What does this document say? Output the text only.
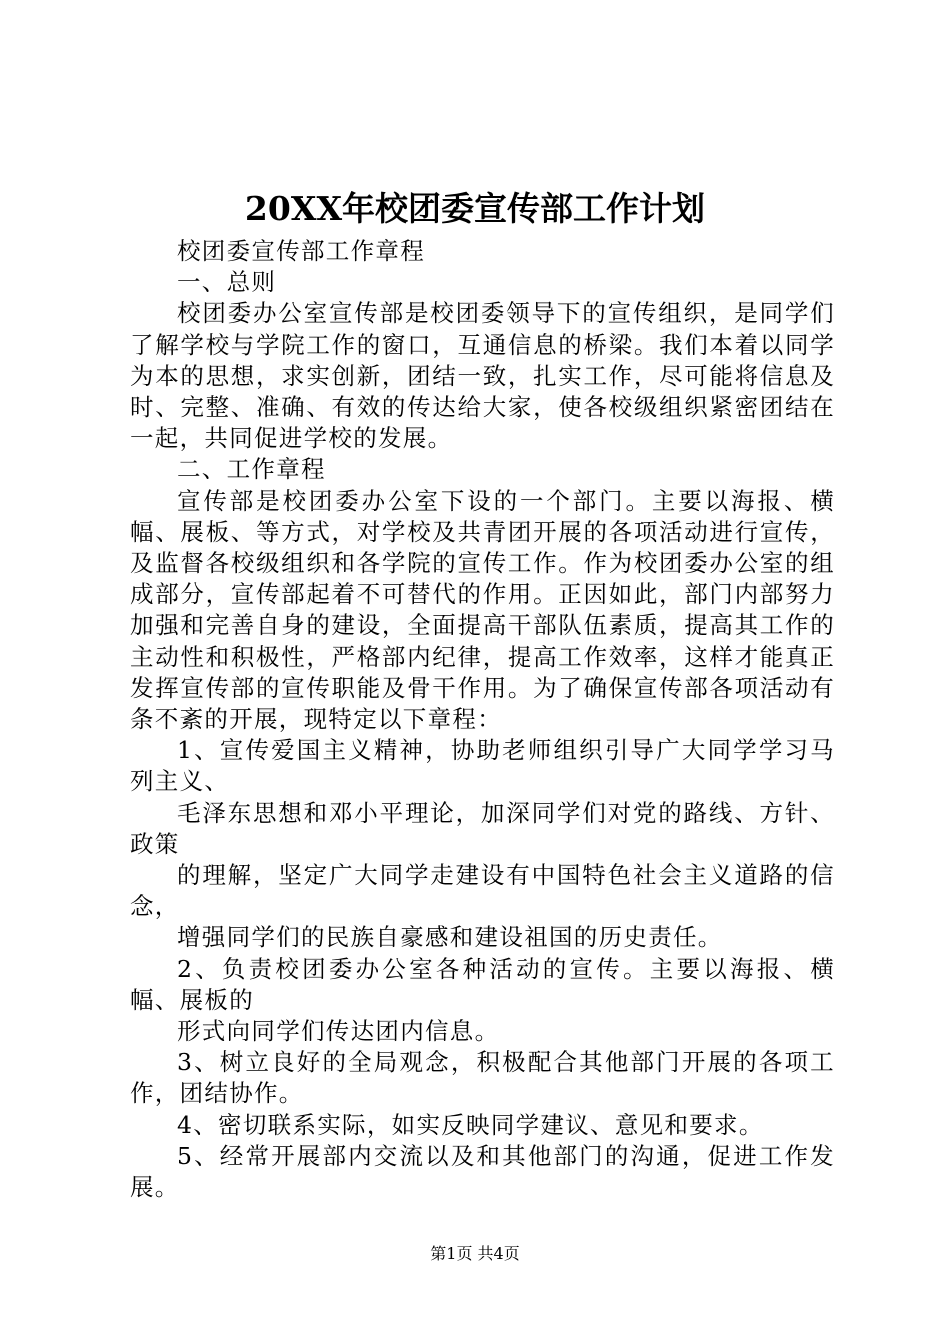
20XX年校团委宣传部工作计划

校团委宣传部工作章程

一、总则

校团委办公室宣传部是校团委领导下的宣传组织，是同学们了解学校与学院工作的窗口，互通信息的桥梁。我们本着以同学为本的思想，求实创新，团结一致，扎实工作，尽可能将信息及时、完整、准确、有效的传达给大家，使各校级组织紧密团结在一起，共同促进学校的发展。

二、工作章程

宣传部是校团委办公室下设的一个部门。主要以海报、横幅、展板、等方式，对学校及共青团开展的各项活动进行宣传，及监督各校级组织和各学院的宣传工作。作为校团委办公室的组成部分，宣传部起着不可替代的作用。正因如此，部门内部努力加强和完善自身的建设，全面提高干部队伍素质，提高其工作的主动性和积极性，严格部内纪律，提高工作效率，这样才能真正发挥宣传部的宣传职能及骨干作用。为了确保宣传部各项活动有条不紊的开展，现特定以下章程：

1、宣传爱国主义精神，协助老师组织引导广大同学学习马列主义、

毛泽东思想和邓小平理论，加深同学们对党的路线、方针、政策

的理解，坚定广大同学走建设有中国特色社会主义道路的信念，

增强同学们的民族自豪感和建设祖国的历史责任。

2、负责校团委办公室各种活动的宣传。主要以海报、横幅、展板的

形式向同学们传达团内信息。

3、树立良好的全局观念，积极配合其他部门开展的各项工作，团结协作。

4、密切联系实际，如实反映同学建议、意见和要求。

5、经常开展部内交流以及和其他部门的沟通，促进工作发展。

第1页 共4页
